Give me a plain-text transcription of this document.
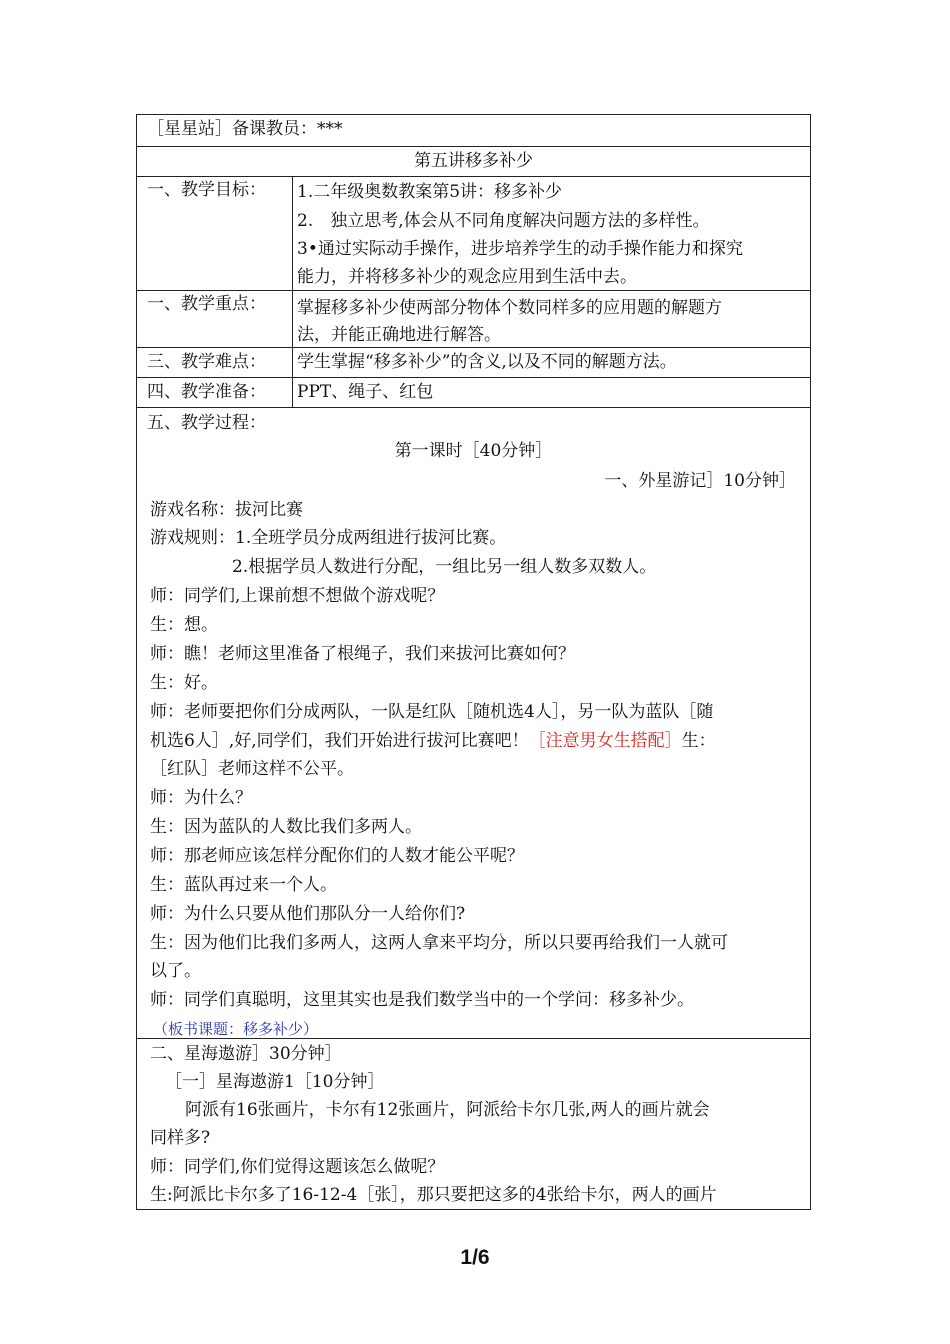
［星星站］备课教员：***
第五讲移多补少
一、教学目标： 1.二年级奥数教案第5讲：移多补少
2.　独立思考,体会从不同角度解决问题方法的多样性。
3•通过实际动手操作，进步培养学生的动手操作能力和探究
能力，并将移多补少的观念应用到生活中去。
一、教学重点： 掌握移多补少使两部分物体个数同样多的应用题的解题方
法，并能正确地进行解答。
三、教学难点： 学生掌握“移多补少”的含义,以及不同的解题方法。
四、教学准备： PPT、绳子、红包
五、教学过程：
第一课时［40分钟］
一、外星游记］10分钟］
游戏名称：拔河比赛
游戏规则：1.全班学员分成两组进行拔河比赛。
2.根据学员人数进行分配，一组比另一组人数多双数人。
师：同学们,上课前想不想做个游戏呢？
生：想。
师：瞧！老师这里准备了根绳子，我们来拔河比赛如何？
生：好。
师：老师要把你们分成两队，一队是红队［随机选4人］，另一队为蓝队［随
机选6人］,好,同学们，我们开始进行拔河比赛吧！［注意男女生搭配］生：
［红队］老师这样不公平。
师：为什么？
生：因为蓝队的人数比我们多两人。
师：那老师应该怎样分配你们的人数才能公平呢？
生：蓝队再过来一个人。
师：为什么只要从他们那队分一人给你们?
生：因为他们比我们多两人，这两人拿来平均分，所以只要再给我们一人就可
以了。
师：同学们真聪明，这里其实也是我们数学当中的一个学问：移多补少。
（板书课题：移多补少）
二、星海遨游］30分钟］
［一］星海遨游1［10分钟］
阿派有16张画片，卡尔有12张画片，阿派给卡尔几张,两人的画片就会
同样多?
师：同学们,你们觉得这题该怎么做呢？
生:阿派比卡尔多了16-12-4［张］，那只要把这多的4张给卡尔，两人的画片
1/6
